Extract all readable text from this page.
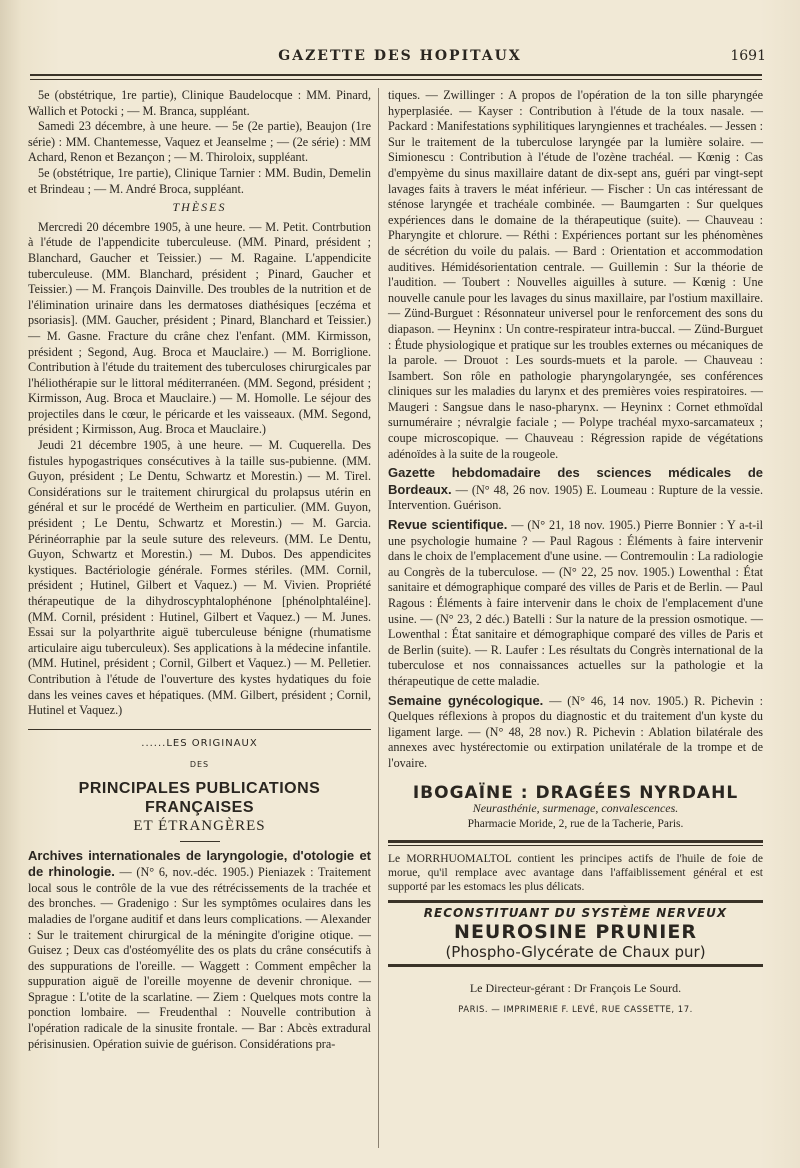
GAZETTE DES HOPITAUX	1691

5e (obstétrique, 1re partie), Clinique Baudelocque : MM. Pinard, Wallich et Potocki ; — M. Branca, suppléant.

Samedi 23 décembre, à une heure. — 5e (2e partie), Beaujon (1re série) : MM. Chantemesse, Vaquez et Jeanselme ; — (2e série) : MM Achard, Renon et Bezançon ; — M. Thiroloix, suppléant.

5e (obstétrique, 1re partie), Clinique Tarnier : MM. Budin, Demelin et Brindeau ; — M. André Broca, suppléant.

THÈSES

Mercredi 20 décembre 1905, à une heure. — M. Petit. Contrbution à l'étude de l'appendicite tuberculeuse. (MM. Pinard, président ; Blanchard, Gaucher et Teissier.) — M. Ragaine. L'appendicite tuberculeuse. (MM. Blanchard, président ; Pinard, Gaucher et Teissier.) — M. François Dainville. Des troubles de la nutrition et de l'élimination urinaire dans les dermatoses diathésiques [eczéma et psoriasis]. (MM. Gaucher, président ; Pinard, Blanchard et Teissier.) — M. Gasne. Fracture du crâne chez l'enfant. (MM. Kirmisson, président ; Segond, Aug. Broca et Mauclaire.) — M. Borriglione. Contribution à l'étude du traitement des tuberculoses chirurgicales par l'héliothérapie sur le littoral méditerranéen. (MM. Segond, président ; Kirmisson, Aug. Broca et Mauclaire.) — M. Homolle. Le séjour des projectiles dans le cœur, le péricarde et les vaisseaux. (MM. Segond, président ; Kirmisson, Aug. Broca et Mauclaire.)

Jeudi 21 décembre 1905, à une heure. — M. Cuquerella. Des fistules hypogastriques consécutives à la taille sus-pubienne. (MM. Guyon, président ; Le Dentu, Schwartz et Morestin.) — M. Tirel. Considérations sur le traitement chirurgical du prolapsus utérin en général et sur le procédé de Wertheim en particulier. (MM. Guyon, président ; Le Dentu, Schwartz et Morestin.) — M. Garcia. Périnéorraphie par la seule suture des releveurs. (MM. Le Dentu, Guyon, Schwartz et Morestin.) — M. Dubos. Des appendicites kystiques. Bactériologie générale. Formes stériles. (MM. Cornil, président ; Hutinel, Gilbert et Vaquez.) — M. Vivien. Propriété thérapeutique de la dihydroscyphtalophénone [phénolphtaléine]. (MM. Cornil, président : Hutinel, Gilbert et Vaquez.) — M. Junes. Essai sur la polyarthrite aiguë tuberculeuse bénigne (rhumatisme articulaire aigu tuberculeux). Ses applications à la médecine infantile. (MM. Hutinel, président ; Cornil, Gilbert et Vaquez.) — M. Pelletier. Contribution à l'étude de l'ouverture des kystes hydatiques du foie dans les veines caves et hépatiques. (MM. Gilbert, président ; Cornil, Hutinel et Vaquez.)

......LES ORIGINAUX
DES
PRINCIPALES PUBLICATIONS FRANÇAISES
ET ÉTRANGÈRES

Archives internationales de laryngologie, d'otologie et de rhinologie. — (N° 6, nov.-déc. 1905.) Pieniazek : Traitement local sous le contrôle de la vue des rétrécissements de la trachée et des bronches. — Gradenigo : Sur les symptômes oculaires dans les maladies de l'organe auditif et dans leurs complications. — Alexander : Sur le traitement chirurgical de la méningite d'origine otique. — Guisez ; Deux cas d'ostéomyélite des os plats du crâne consécutifs à des suppurations de l'oreille. — Waggett : Comment empêcher la suppuration aiguë de l'oreille moyenne de devenir chronique. — Sprague : L'otite de la scarlatine. — Ziem : Quelques mots contre la ponction lombaire. — Freudenthal : Nouvelle contribution à l'opération radicale de la sinusite frontale. — Bar : Abcès extradural périsinusien. Opération suivie de guérison. Considérations pra-

tiques. — Zwillinger : A propos de l'opération de la ton sille pharyngée hyperplasiée. — Kayser : Contribution à l'étude de la toux nasale. — Packard : Manifestations syphilitiques laryngiennes et trachéales. — Jessen : Sur le traitement de la tuberculose laryngée par la lumière solaire. — Simionescu : Contribution à l'étude de l'ozène trachéal. — Kœnig : Cas d'empyème du sinus maxillaire datant de dix-sept ans, guéri par vingt-sept lavages faits à travers le méat inférieur. — Fischer : Un cas intéressant de sténose laryngée et trachéale combinée. — Baumgarten : Sur quelques expériences dans le domaine de la thérapeutique (suite). — Chauveau : Pharyngite et chlorure. — Réthi : Expériences portant sur les phénomènes de sécrétion du voile du palais. — Bard : Orientation et accommodation auditives. Hémidésorientation centrale. — Guillemin : Sur la théorie de l'audition. — Toubert : Nouvelles aiguilles à suture. — Kœnig : Une nouvelle canule pour les lavages du sinus maxillaire, par l'ostium maxillaire. — Zünd-Burguet : Résonnateur universel pour le renforcement des sons du diapason. — Heyninx : Un contre-respirateur intra-buccal. — Zünd-Burguet : Étude physiologique et pratique sur les troubles externes ou mécaniques de la parole. — Drouot : Les sourds-muets et la parole. — Chauveau : Isambert. Son rôle en pathologie pharyngolaryngée, ses conférences cliniques sur les maladies du larynx et des premières voies respiratoires. — Maugeri : Sangsue dans le naso-pharynx. — Heyninx : Cornet ethmoïdal surnuméraire ; névralgie faciale ; — Polype trachéal myxo-sarcamateux ; coupe microscopique. — Chauveau : Régression rapide de végétations adénoïdes à la suite de la rougeole.

Gazette hebdomadaire des sciences médicales de Bordeaux. — (N° 48, 26 nov. 1905) E. Loumeau : Rupture de la vessie. Intervention. Guérison.

Revue scientifique. — (N° 21, 18 nov. 1905.) Pierre Bonnier : Y a-t-il une psychologie humaine ? — Paul Ragous : Éléments à faire intervenir dans le choix de l'emplacement d'une usine. — Contremoulin : La radiologie au Congrès de la tuberculose. — (N° 22, 25 nov. 1905.) Lowenthal : État sanitaire et démographique comparé des villes de Paris et de Berlin. — Paul Ragous : Éléments à faire intervenir dans le choix de l'emplacement d'une usine. — (N° 23, 2 déc.) Batelli : Sur la nature de la pression osmotique. — Lowenthal : État sanitaire et démographique comparé des villes de Paris et de Berlin (suite). — R. Laufer : Les résultats du Congrès international de la tuberculose et nos connaissances actuelles sur la pathologie et la thérapeutique de cette maladie.

Semaine gynécologique. — (N° 46, 14 nov. 1905.) R. Pichevin : Quelques réflexions à propos du diagnostic et du traitement d'un kyste du ligament large. — (N° 48, 28 nov.) R. Pichevin : Ablation bilatérale des annexes avec hystérectomie ou extirpation unilatérale de la trompe et de l'ovaire.

IBOGAÏNE : DRAGÉES NYRDAHL
Neurasthénie, surmenage, convalescences.
Pharmacie Moride, 2, rue de la Tacherie, Paris.

Le MORRHUOMALTOL contient les principes actifs de l'huile de foie de morue, qu'il remplace avec avantage dans l'affaiblissement général et est supporté par les estomacs les plus délicats.

RECONSTITUANT DU SYSTÈME NERVEUX
NEUROSINE PRUNIER
(Phospho-Glycérate de Chaux pur)
Le Directeur-gérant : Dr François Le Sourd.
PARIS. — IMPRIMERIE F. LEVÉ, RUE CASSETTE, 17.
